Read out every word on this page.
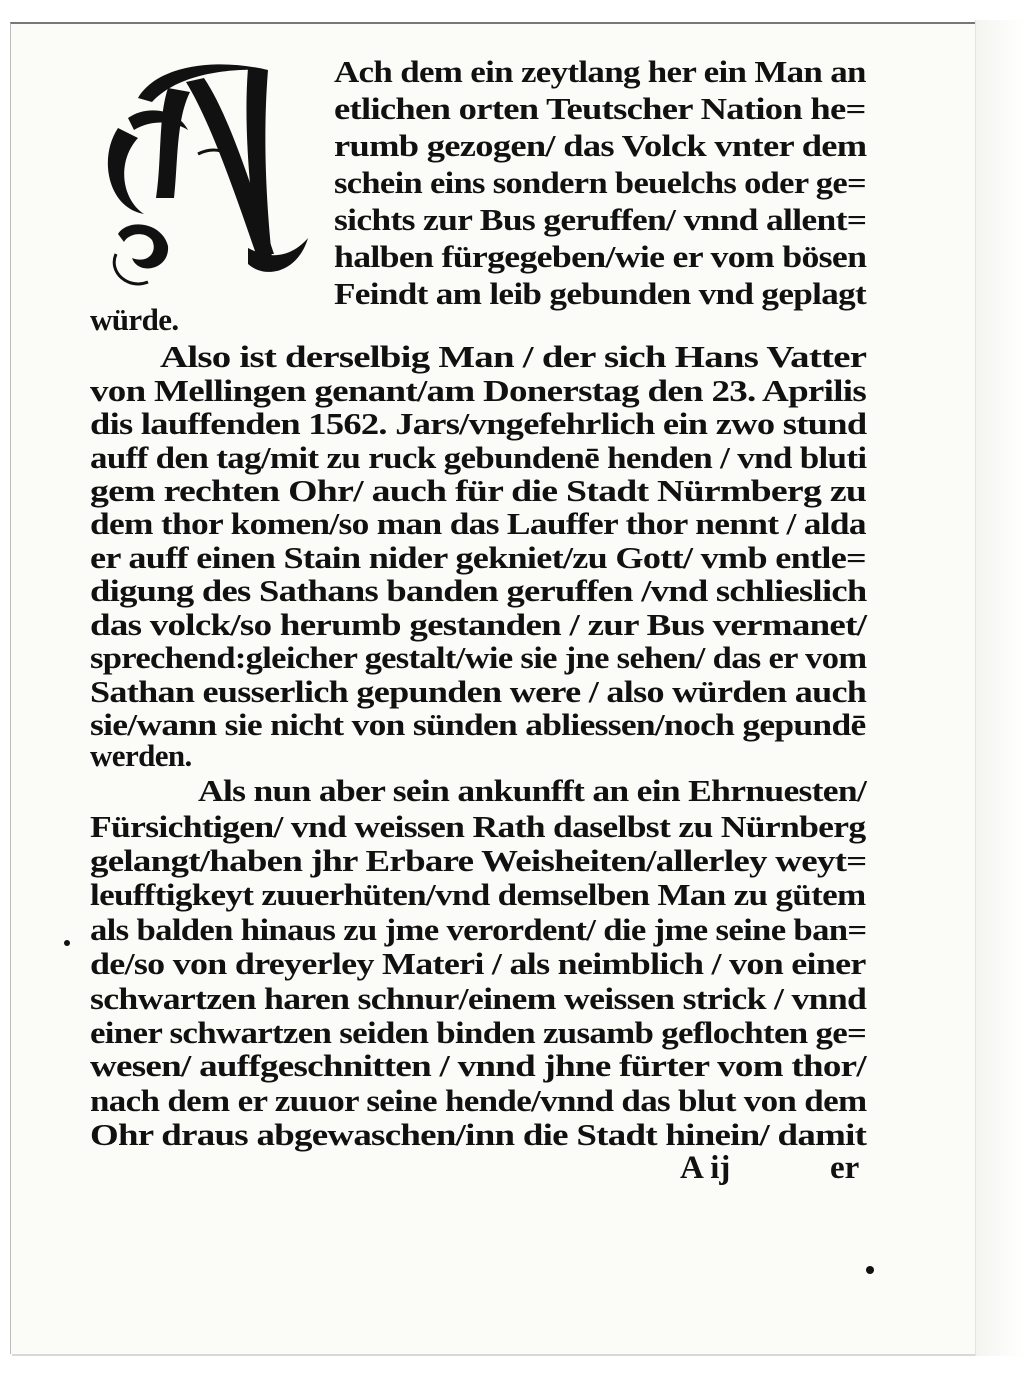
Ach dem ein zeytlang her ein Man an
etlichen orten Teutscher Nation he=
rumb gezogen/ das Volck vnter dem
schein eins sondern beuelchs oder ge=
sichts zur Bus geruffen/ vnnd allent=
halben fürgegeben/wie er vom bösen
Feindt am leib gebunden vnd geplagt
würde.
Also ist derselbig Man / der sich Hans Vatter
von Mellingen genant/am Donerstag den 23. Aprilis
dis lauffenden 1562. Jars/vngefehrlich ein zwo stund
auff den tag/mit zu ruck gebundenē henden / vnd bluti
gem rechten Ohr/ auch für die Stadt Nürmberg zu
dem thor komen/so man das Lauffer thor nennt / alda
er auff einen Stain nider gekniet/zu Gott/ vmb entle=
digung des Sathans banden geruffen /vnd schlieslich
das volck/so herumb gestanden / zur Bus vermanet/
sprechend:gleicher gestalt/wie sie jne sehen/ das er vom
Sathan eusserlich gepunden were / also würden auch
sie/wann sie nicht von sünden abliessen/noch gepundē
werden.
Als nun aber sein ankunfft an ein Ehrnuesten/
Fürsichtigen/ vnd weissen Rath daselbst zu Nürnberg
gelangt/haben jhr Erbare Weisheiten/allerley weyt=
leufftigkeyt zuuerhüten/vnd demselben Man zu gütem
als balden hinaus zu jme verordent/ die jme seine ban=
de/so von dreyerley Materi / als neimblich / von einer
schwartzen haren schnur/einem weissen strick / vnnd
einer schwartzen seiden binden zusamb geflochten ge=
wesen/ auffgeschnitten / vnnd jhne fürter vom thor/
nach dem er zuuor seine hende/vnnd das blut von dem
Ohr draus abgewaschen/inn die Stadt hinein/ damit
A ij	er
